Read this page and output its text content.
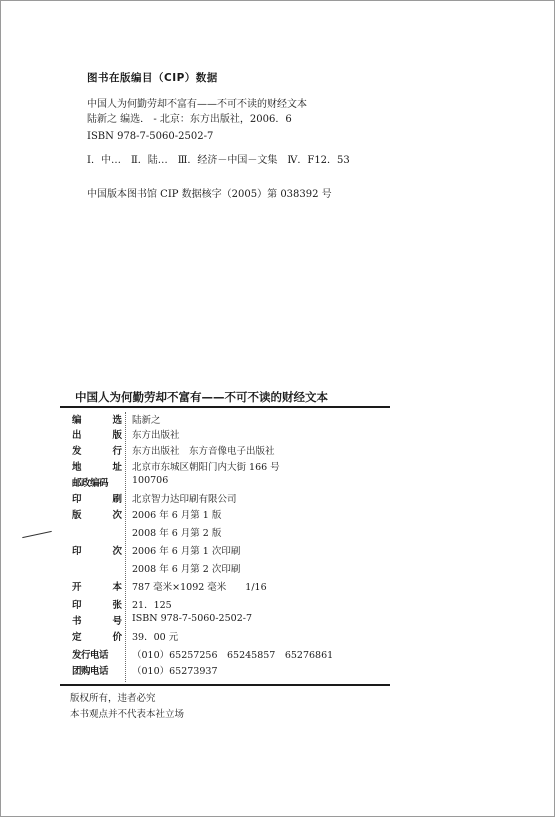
图书在版编目（CIP）数据
中国人为何勤劳却不富有——不可不读的财经文本
陆新之 编选． - 北京：东方出版社，2006．6
ISBN 978-7-5060-2502-7
Ⅰ．中…　Ⅱ．陆…　Ⅲ．经济－中国－文集　Ⅳ．F12．53
中国版本图书馆 CIP 数据核字（2005）第 038392 号
中国人为何勤劳却不富有——不可不读的财经文本
编	选 陆新之
出	版 东方出版社
发	行 东方出版社　东方音像电子出版社
地	址 北京市东城区朝阳门内大街 166 号
邮政编码	100706
印	刷 北京智力达印刷有限公司
版	次 2006 年 6 月第 1 版
2008 年 6 月第 2 版
印	次 2006 年 6 月第 1 次印刷
2008 年 6 月第 2 次印刷
开	本 787 毫米×1092 毫米　　1/16
印	张 21．125
书	号 ISBN 978-7-5060-2502-7
定	价 39．00 元
发行电话	（010）65257256　65245857　65276861
团购电话	（010）65273937
版权所有，违者必究
本书观点并不代表本社立场
